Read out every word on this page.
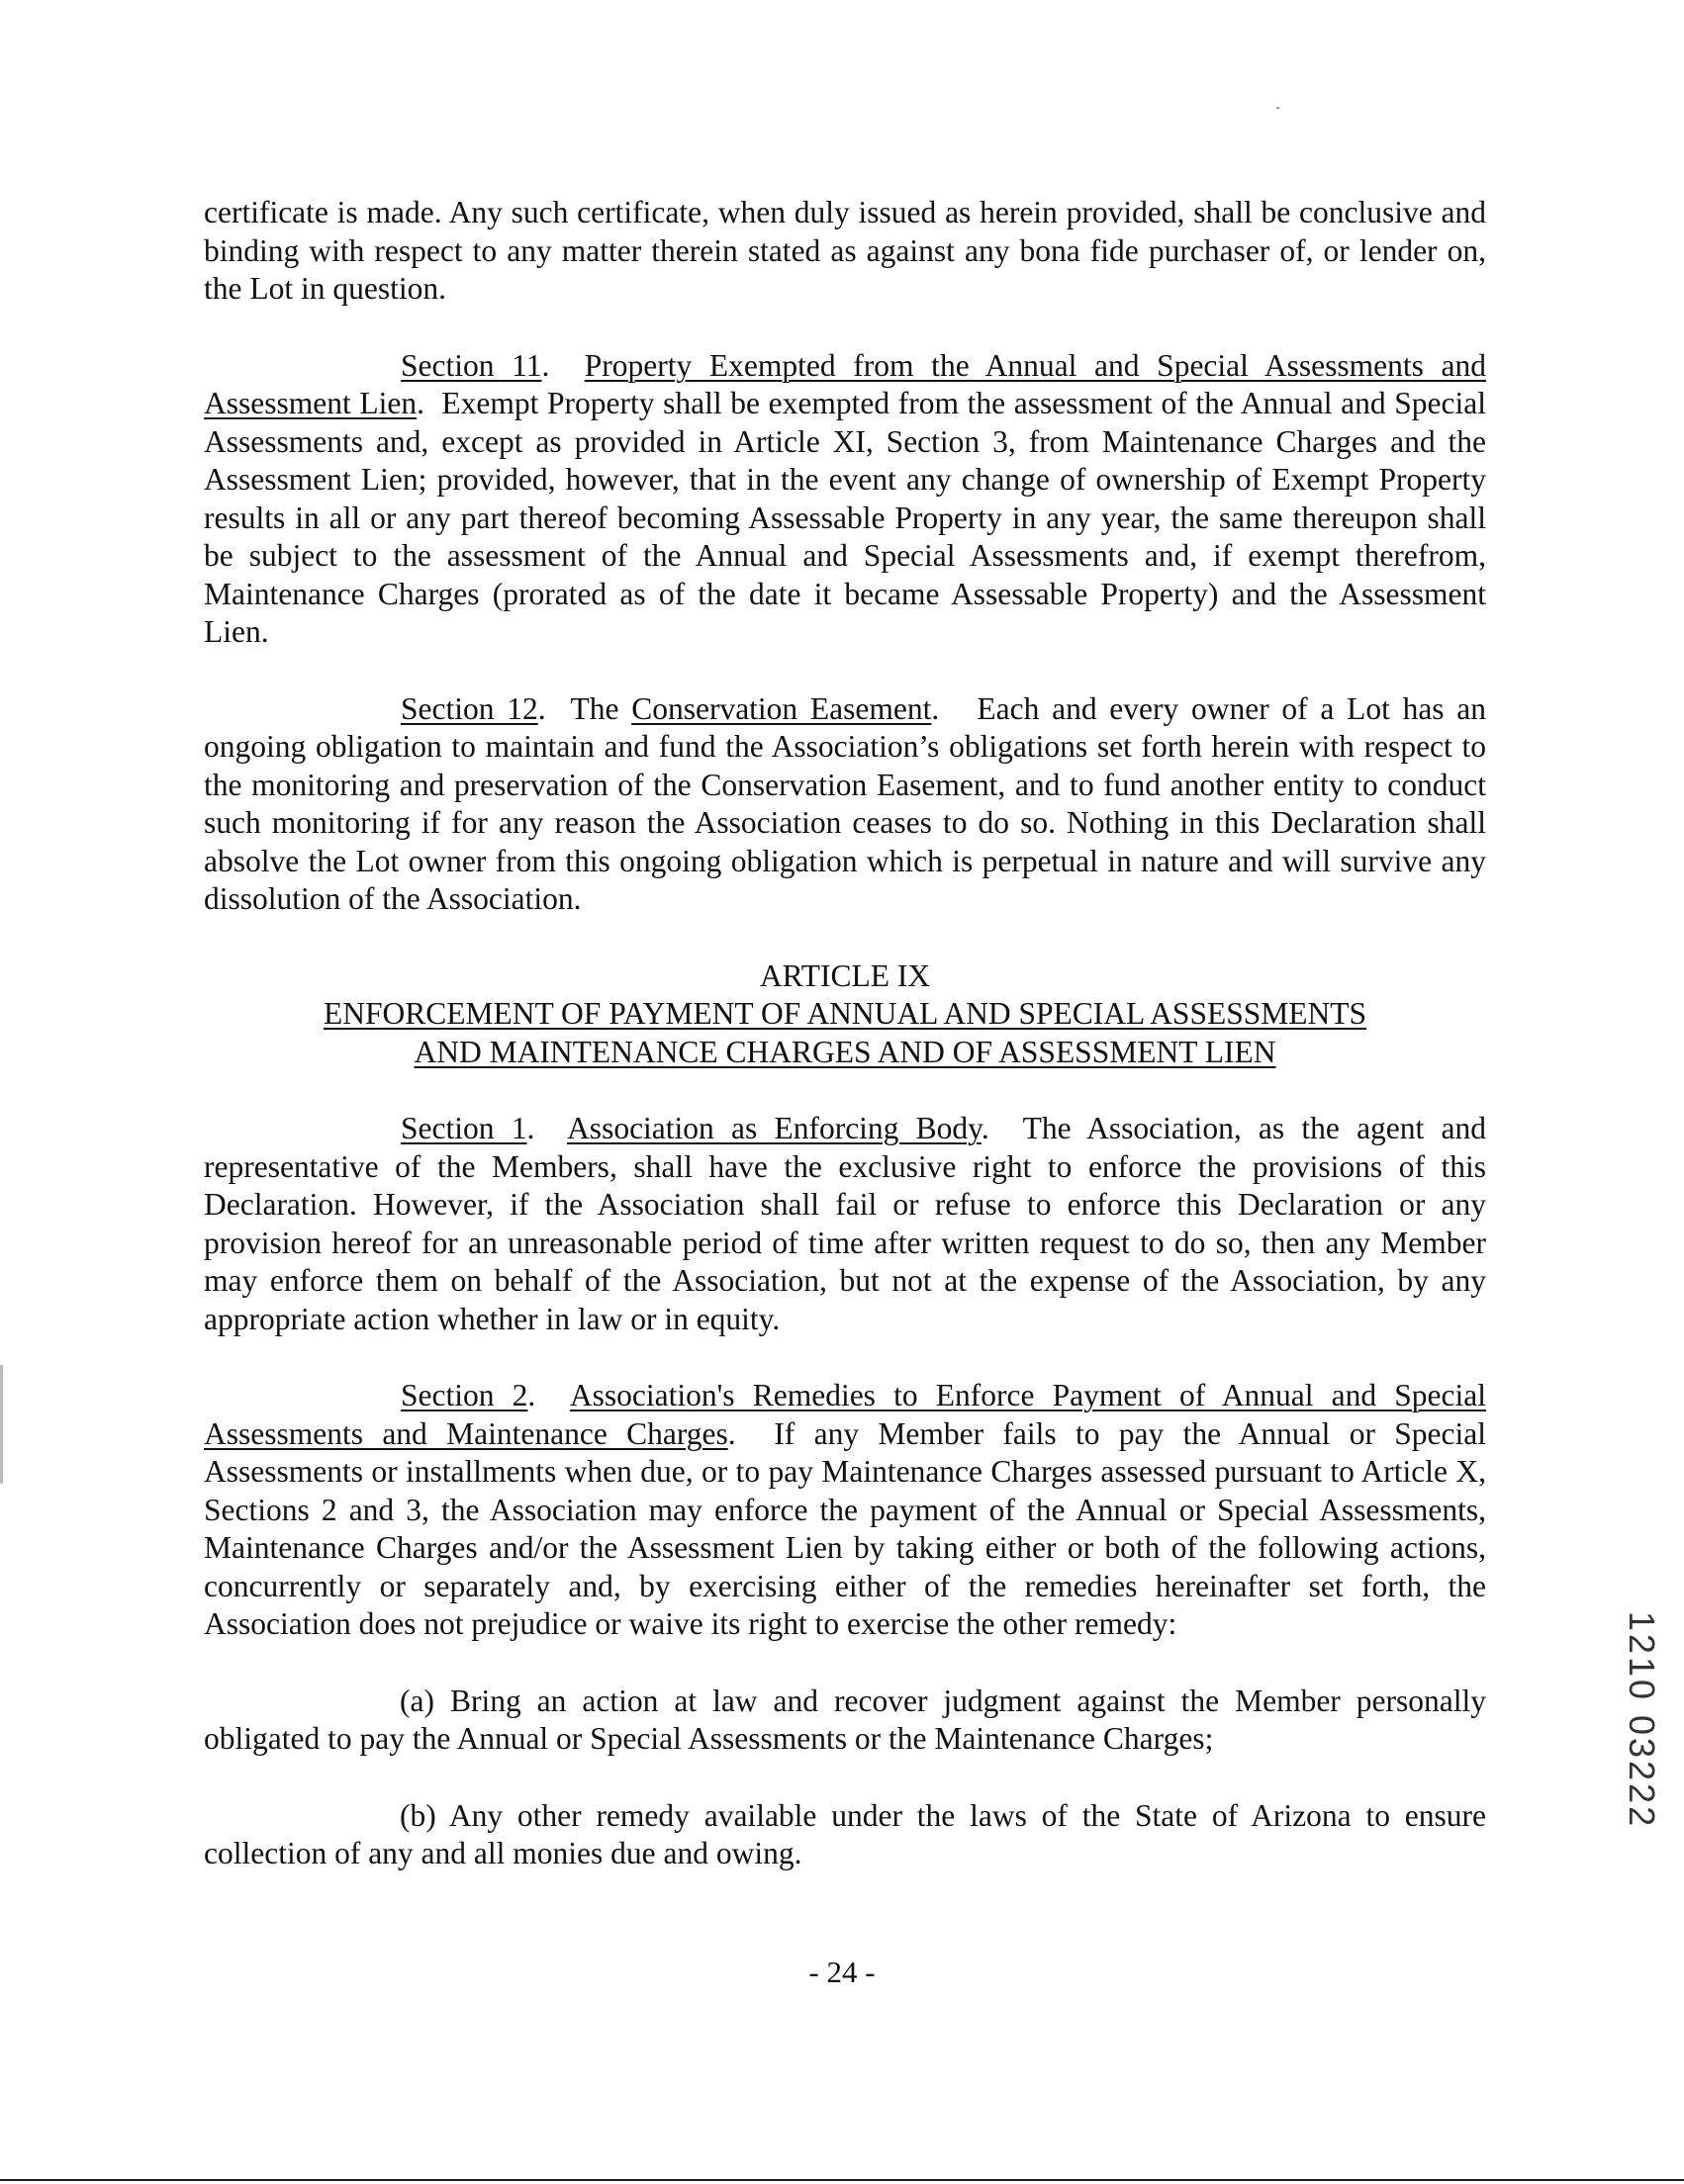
certificate is made. Any such certificate, when duly issued as herein provided, shall be conclusive and binding with respect to any matter therein stated as against any bona fide purchaser of, or lender on, the Lot in question.

Section 11.  Property Exempted from the Annual and Special Assessments and Assessment Lien.  Exempt Property shall be exempted from the assessment of the Annual and Special Assessments and, except as provided in Article XI, Section 3, from Maintenance Charges and the Assessment Lien; provided, however, that in the event any change of ownership of Exempt Property results in all or any part thereof becoming Assessable Property in any year, the same thereupon shall be subject to the assessment of the Annual and Special Assessments and, if exempt therefrom, Maintenance Charges (prorated as of the date it became Assessable Property) and the Assessment Lien.

Section 12.  The Conservation Easement.   Each and every owner of a Lot has an ongoing obligation to maintain and fund the Association’s obligations set forth herein with respect to the monitoring and preservation of the Conservation Easement, and to fund another entity to conduct such monitoring if for any reason the Association ceases to do so. Nothing in this Declaration shall absolve the Lot owner from this ongoing obligation which is perpetual in nature and will survive any dissolution of the Association.

ARTICLE IX
ENFORCEMENT OF PAYMENT OF ANNUAL AND SPECIAL ASSESSMENTS
AND MAINTENANCE CHARGES AND OF ASSESSMENT LIEN

Section 1.  Association as Enforcing Body.  The Association, as the agent and representative of the Members, shall have the exclusive right to enforce the provisions of this Declaration. However, if the Association shall fail or refuse to enforce this Declaration or any provision hereof for an unreasonable period of time after written request to do so, then any Member may enforce them on behalf of the Association, but not at the expense of the Association, by any appropriate action whether in law or in equity.

Section 2.  Association's Remedies to Enforce Payment of Annual and Special Assessments and Maintenance Charges.  If any Member fails to pay the Annual or Special Assessments or installments when due, or to pay Maintenance Charges assessed pursuant to Article X, Sections 2 and 3, the Association may enforce the payment of the Annual or Special Assessments, Maintenance Charges and/or the Assessment Lien by taking either or both of the following actions, concurrently or separately and, by exercising either of the remedies hereinafter set forth, the Association does not prejudice or waive its right to exercise the other remedy:

(a) Bring an action at law and recover judgment against the Member personally obligated to pay the Annual or Special Assessments or the Maintenance Charges;

(b) Any other remedy available under the laws of the State of Arizona to ensure collection of any and all monies due and owing.

- 24 -
1210 03222
